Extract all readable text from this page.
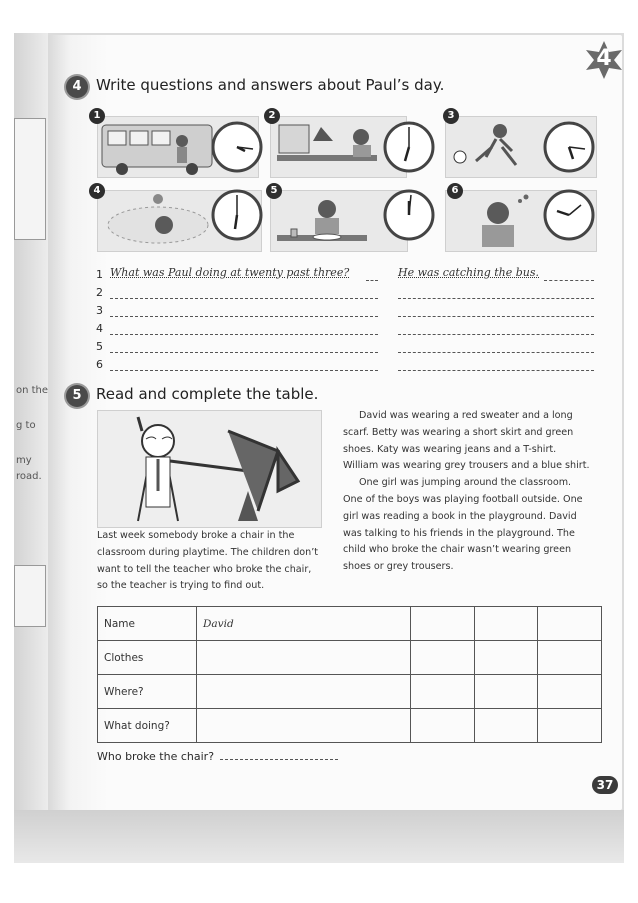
on the
g to
my
road.
4
4 Write questions and answers about Paul’s day.
1	2	3
4	5	6
1 What was Paul doing at twenty past three?	He was catching the bus.
2
3
4
5
6
5 Read and complete the table.

Last week somebody broke a chair in the classroom during playtime. The children don’t want to tell the teacher who broke the chair, so the teacher is trying to find out.

David was wearing a red sweater and a long scarf. Betty was wearing a short skirt and green shoes. Katy was wearing jeans and a T-shirt. William was wearing grey trousers and a blue shirt.

One girl was jumping around the classroom. One of the boys was playing football outside. One girl was reading a book in the playground. David was talking to his friends in the playground. The child who broke the chair wasn’t wearing green shoes or grey trousers.

Name	David			
Clothes				
Where?				
What doing?				
Who broke the chair?
37
